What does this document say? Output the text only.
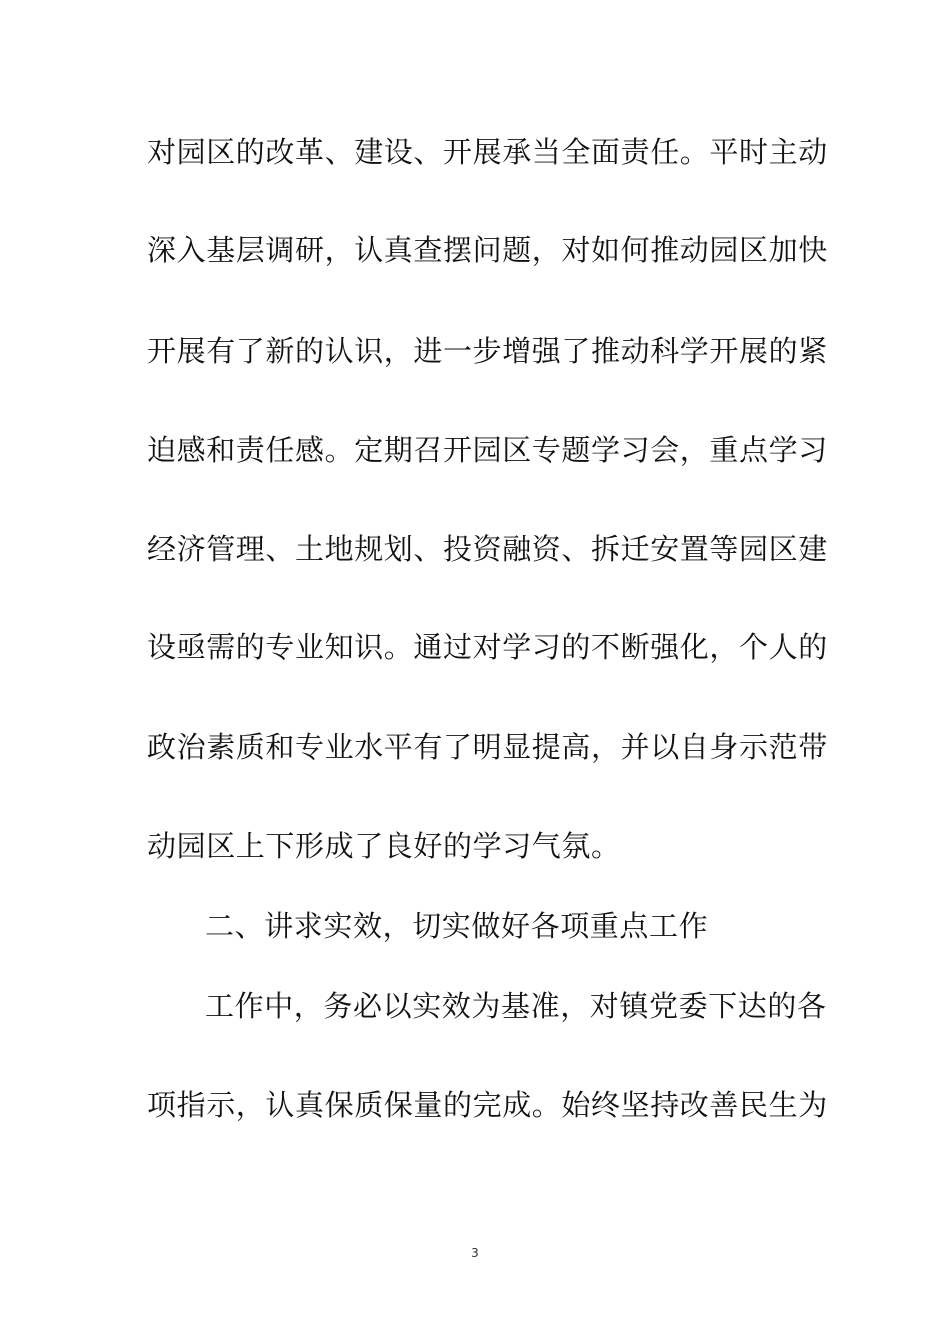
对园区的改革、建设、开展承当全面责任。平时主动
深入基层调研，认真查摆问题，对如何推动园区加快
开展有了新的认识，进一步增强了推动科学开展的紧
迫感和责任感。定期召开园区专题学习会，重点学习
经济管理、土地规划、投资融资、拆迁安置等园区建
设亟需的专业知识。通过对学习的不断强化，个人的
政治素质和专业水平有了明显提高，并以自身示范带
动园区上下形成了良好的学习气氛。
二、讲求实效，切实做好各项重点工作
工作中，务必以实效为基准，对镇党委下达的各
项指示，认真保质保量的完成。始终坚持改善民生为
3
